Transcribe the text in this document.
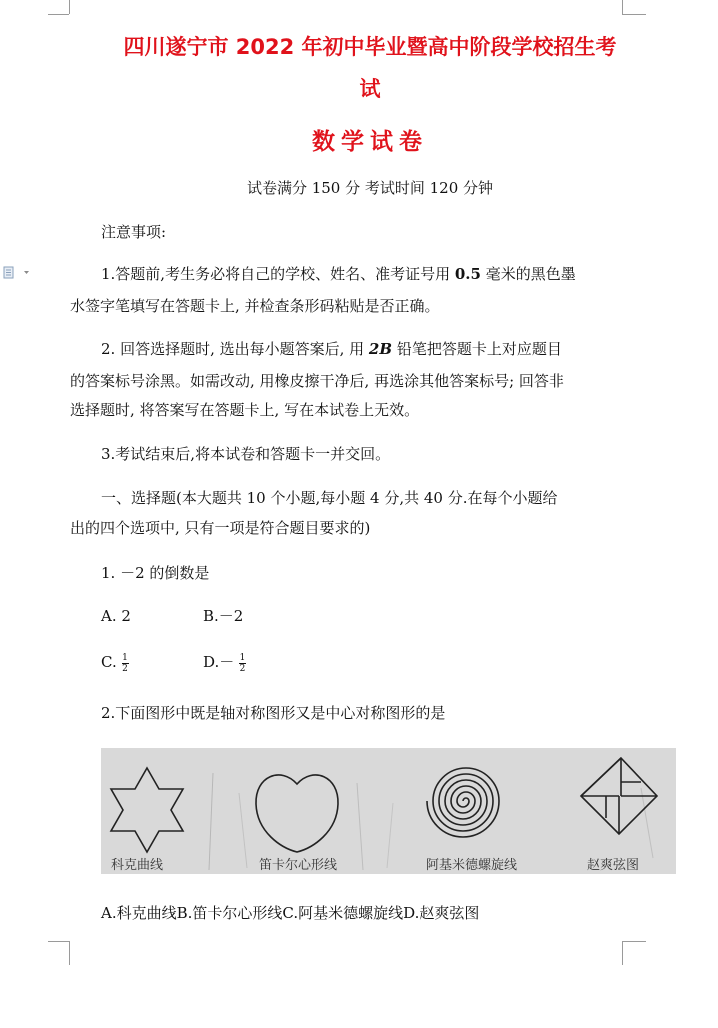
四川遂宁市 2022 年初中毕业暨高中阶段学校招生考
试
数学试卷
试卷满分 150 分 考试时间 120 分钟
注意事项:
1.答题前,考生务必将自己的学校、姓名、准考证号用 0.5 毫米的黑色墨
水签字笔填写在答题卡上, 并检查条形码粘贴是否正确。
2. 回答选择题时, 选出每小题答案后, 用 2B 铅笔把答题卡上对应题目
的答案标号涂黑。如需改动, 用橡皮擦干净后, 再选涂其他答案标号; 回答非
选择题时, 将答案写在答题卡上, 写在本试卷上无效。
3.考试结束后,将本试卷和答题卡一并交回。
一、选择题(本大题共 10 个小题,每小题 4 分,共 40 分.在每个小题给
出的四个选项中, 只有一项是符合题目要求的)
1. －2 的倒数是
A. 2	B.－2
C. $\frac{1}{2}$	$D.- \frac{1}{2}$
2.下面图形中既是轴对称图形又是中心对称图形的是
科克曲线	笛卡尔心形线	阿基米德螺旋线	赵爽弦图
A.科克曲线B.笛卡尔心形线C.阿基米德螺旋线D.赵爽弦图
